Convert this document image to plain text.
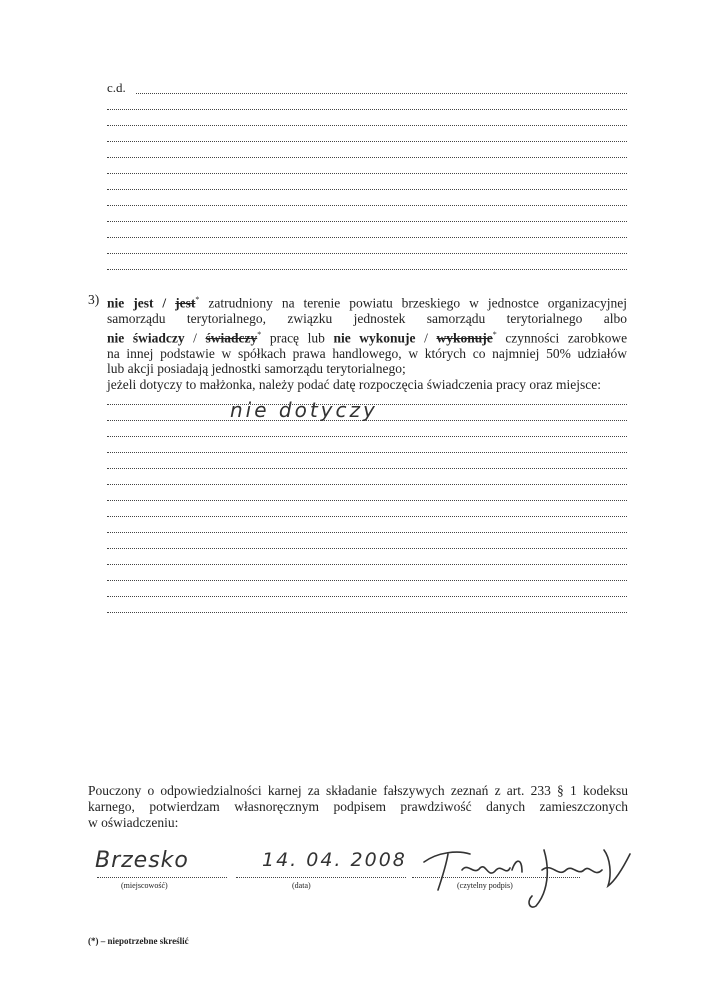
c.d.
3) nie jest / jest* zatrudniony na terenie powiatu brzeskiego w jednostce organizacyjnej
samorządu terytorialnego, związku jednostek samorządu terytorialnego albo
nie świadczy / świadczy* pracę lub nie wykonuje / wykonuje* czynności zarobkowe
na innej podstawie w spółkach prawa handlowego, w których co najmniej 50% udziałów
lub akcji posiadają jednostki samorządu terytorialnego;
jeżeli dotyczy to małżonka, należy podać datę rozpoczęcia świadczenia pracy oraz miejsce:
nie dotyczy
Pouczony o odpowiedzialności karnej za składanie fałszywych zeznań z art. 233 § 1 kodeksu
karnego, potwierdzam własnoręcznym podpisem prawdziwość danych zamieszczonych
w oświadczeniu:
Brzesko	14. 04. 2008
(miejscowość)	(data)	(czytelny podpis)
(*) – niepotrzebne skreślić
